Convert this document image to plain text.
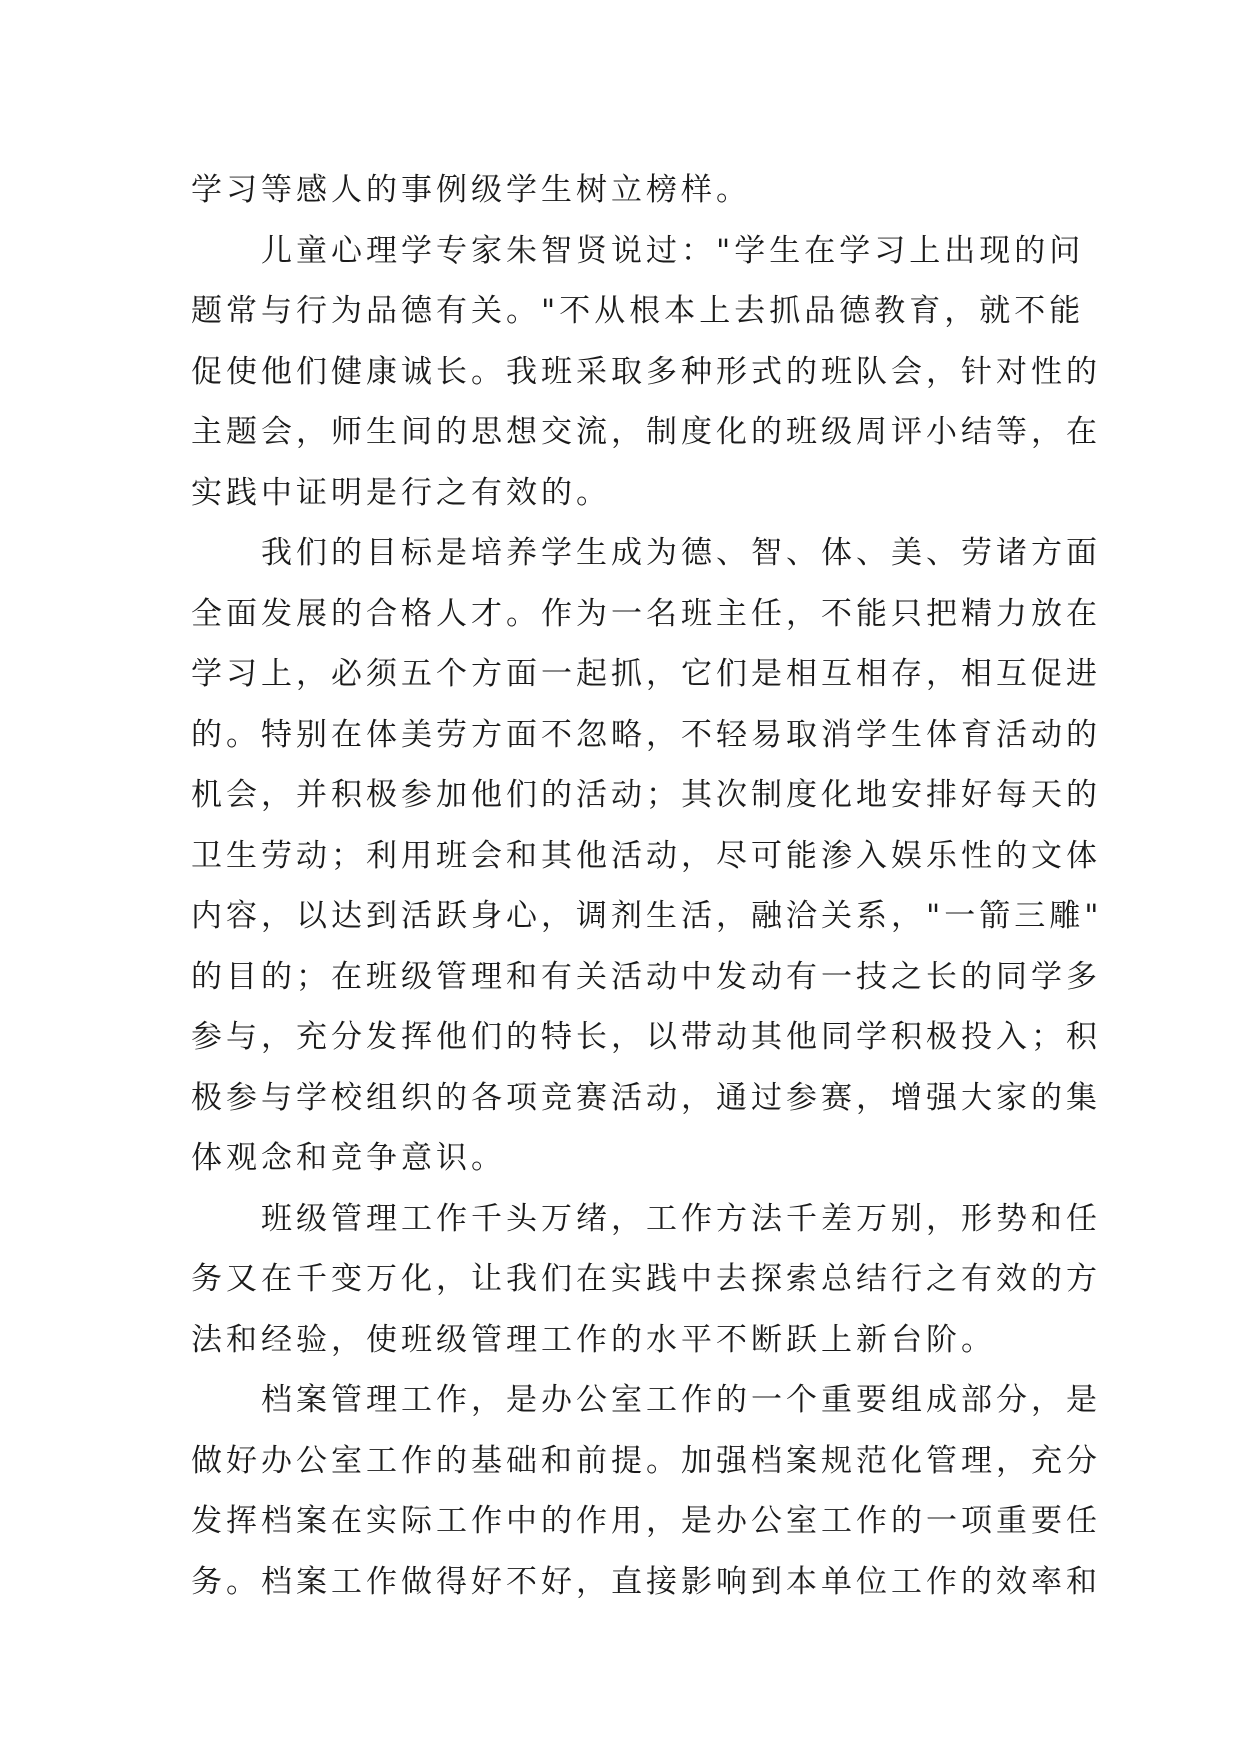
学习等感人的事例级学生树立榜样。
儿童心理学专家朱智贤说过："学生在学习上出现的问
题常与行为品德有关。"不从根本上去抓品德教育，就不能
促使他们健康诚长。我班采取多种形式的班队会，针对性的
主题会，师生间的思想交流，制度化的班级周评小结等，在
实践中证明是行之有效的。
我们的目标是培养学生成为德、智、体、美、劳诸方面
全面发展的合格人才。作为一名班主任，不能只把精力放在
学习上，必须五个方面一起抓，它们是相互相存，相互促进
的。特别在体美劳方面不忽略，不轻易取消学生体育活动的
机会，并积极参加他们的活动；其次制度化地安排好每天的
卫生劳动；利用班会和其他活动，尽可能渗入娱乐性的文体
内容，以达到活跃身心，调剂生活，融洽关系，"一箭三雕"
的目的；在班级管理和有关活动中发动有一技之长的同学多
参与，充分发挥他们的特长，以带动其他同学积极投入；积
极参与学校组织的各项竞赛活动，通过参赛，增强大家的集
体观念和竞争意识。
班级管理工作千头万绪，工作方法千差万别，形势和任
务又在千变万化，让我们在实践中去探索总结行之有效的方
法和经验，使班级管理工作的水平不断跃上新台阶。
档案管理工作，是办公室工作的一个重要组成部分，是
做好办公室工作的基础和前提。加强档案规范化管理，充分
发挥档案在实际工作中的作用，是办公室工作的一项重要任
务。档案工作做得好不好，直接影响到本单位工作的效率和
